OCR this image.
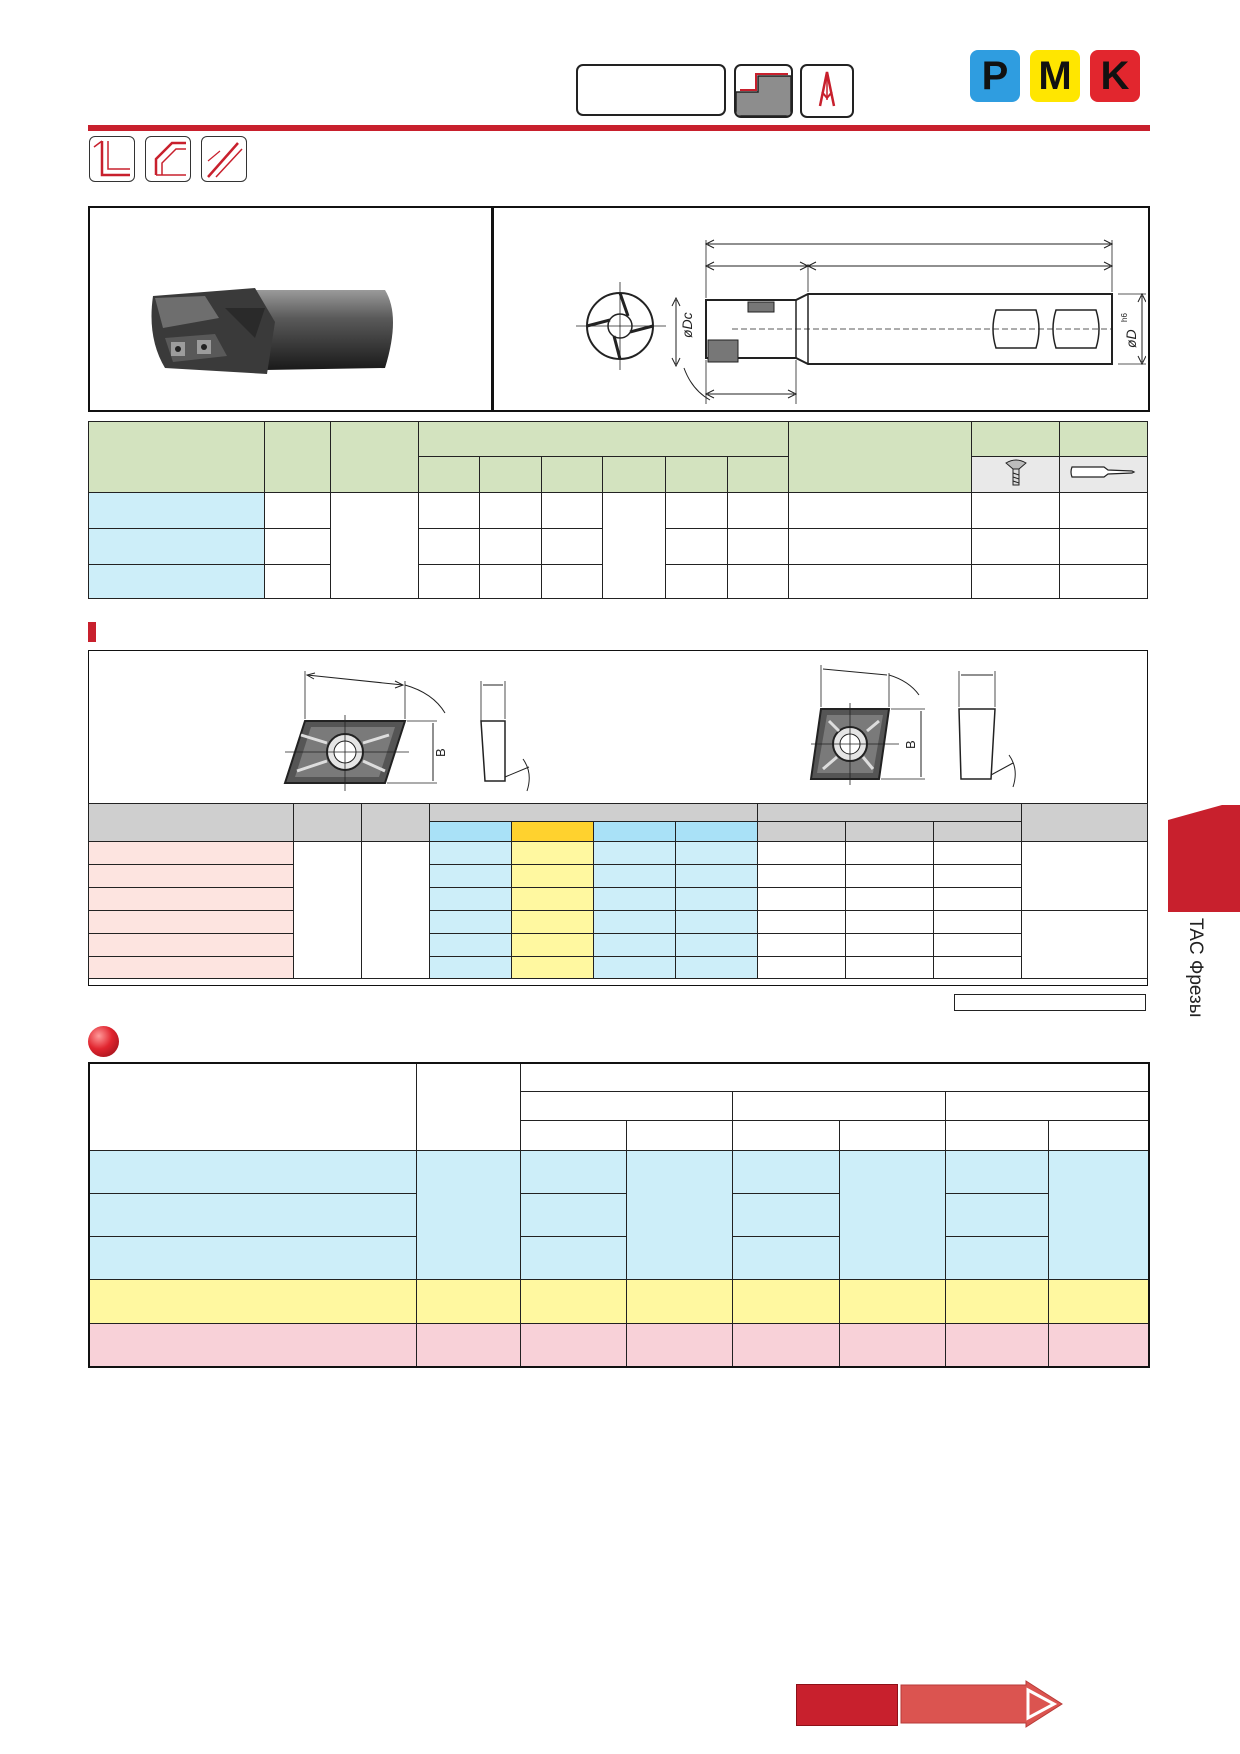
P M K
øDc
øD
h6

B
B

TAC Фрезы
